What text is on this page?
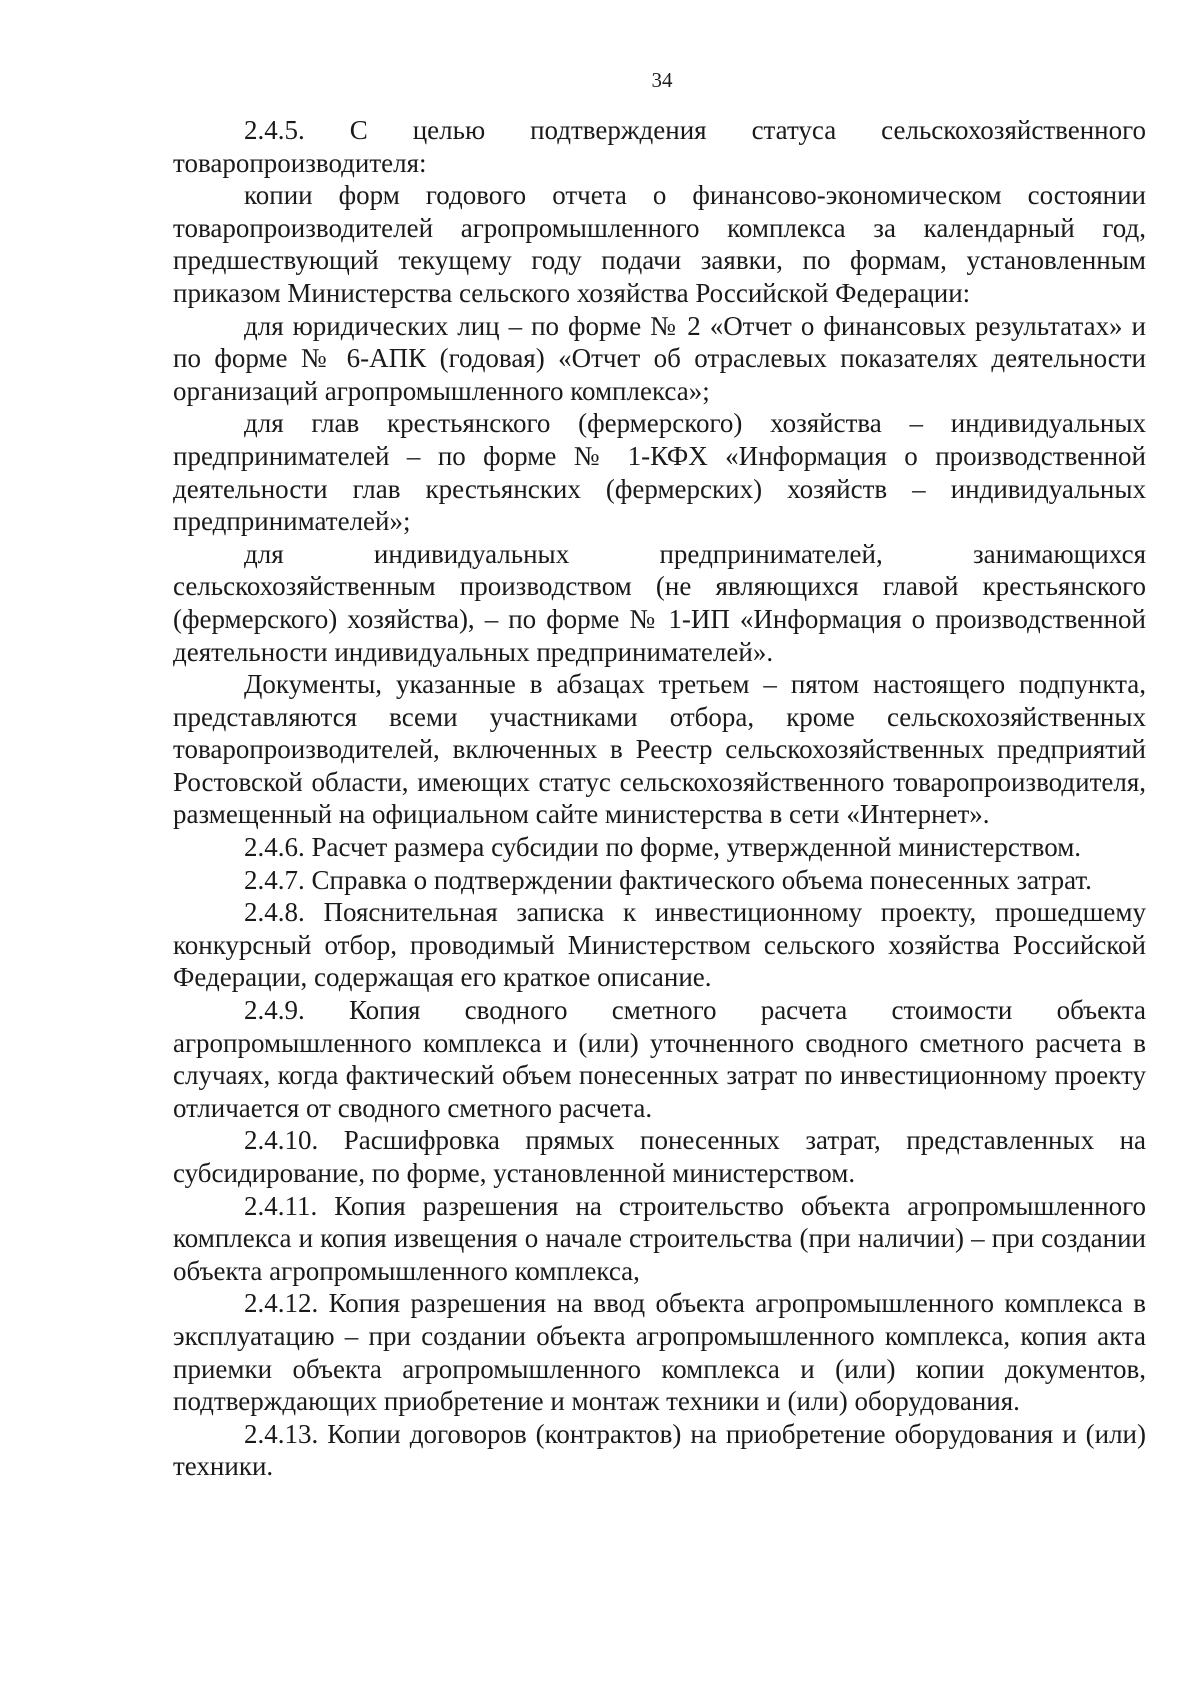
34

2.4.5. С целью подтверждения статуса сельскохозяйственного товаропроизводителя:

копии форм годового отчета о финансово-экономическом состоянии товаропроизводителей агропромышленного комплекса за календарный год, предшествующий текущему году подачи заявки, по формам, установленным приказом Министерства сельского хозяйства Российской Федерации:

для юридических лиц – по форме № 2 «Отчет о финансовых результатах» и по форме № 6-АПК (годовая) «Отчет об отраслевых показателях деятельности организаций агропромышленного комплекса»;

для глав крестьянского (фермерского) хозяйства – индивидуальных предпринимателей – по форме № 1-КФХ «Информация о производственной деятельности глав крестьянских (фермерских) хозяйств – индивидуальных предпринимателей»;

для индивидуальных предпринимателей, занимающихся сельскохозяйственным производством (не являющихся главой крестьянского (фермерского) хозяйства), – по форме № 1-ИП «Информация о производственной деятельности индивидуальных предпринимателей».

Документы, указанные в абзацах третьем – пятом настоящего подпункта, представляются всеми участниками отбора, кроме сельскохозяйственных товаропроизводителей, включенных в Реестр сельскохозяйственных предприятий Ростовской области, имеющих статус сельскохозяйственного товаропроизводителя, размещенный на официальном сайте министерства в сети «Интернет».

2.4.6. Расчет размера субсидии по форме, утвержденной министерством.

2.4.7. Справка о подтверждении фактического объема понесенных затрат.

2.4.8. Пояснительная записка к инвестиционному проекту, прошедшему конкурсный отбор, проводимый Министерством сельского хозяйства Российской Федерации, содержащая его краткое описание.

2.4.9. Копия сводного сметного расчета стоимости объекта агропромышленного комплекса и (или) уточненного сводного сметного расчета в случаях, когда фактический объем понесенных затрат по инвестиционному проекту отличается от сводного сметного расчета.

2.4.10. Расшифровка прямых понесенных затрат, представленных на субсидирование, по форме, установленной министерством.

2.4.11. Копия разрешения на строительство объекта агропромышленного комплекса и копия извещения о начале строительства (при наличии) – при создании объекта агропромышленного комплекса,

2.4.12. Копия разрешения на ввод объекта агропромышленного комплекса в эксплуатацию – при создании объекта агропромышленного комплекса, копия акта приемки объекта агропромышленного комплекса и (или) копии документов, подтверждающих приобретение и монтаж техники и (или) оборудования.

2.4.13. Копии договоров (контрактов) на приобретение оборудования и (или) техники.
